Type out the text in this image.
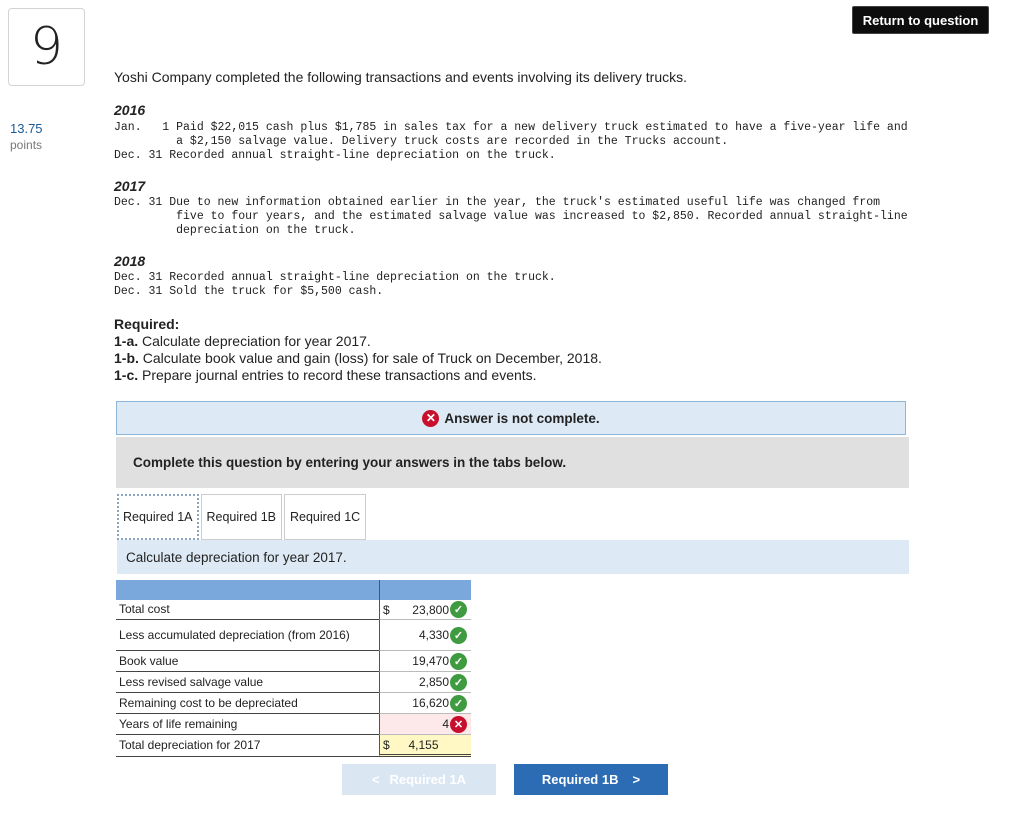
9
13.75
points
Return to question
Yoshi Company completed the following transactions and events involving its delivery trucks.
2016
Jan.   1 Paid $22,015 cash plus $1,785 in sales tax for a new delivery truck estimated to have a five-year life and
a $2,150 salvage value. Delivery truck costs are recorded in the Trucks account.
Dec. 31 Recorded annual straight-line depreciation on the truck.
2017
Dec. 31 Due to new information obtained earlier in the year, the truck's estimated useful life was changed from
five to four years, and the estimated salvage value was increased to $2,850. Recorded annual straight-line
depreciation on the truck.
2018
Dec. 31 Recorded annual straight-line depreciation on the truck.
Dec. 31 Sold the truck for $5,500 cash.
Required:
1-a. Calculate depreciation for year 2017.
1-b. Calculate book value and gain (loss) for sale of Truck on December, 2018.
1-c. Prepare journal entries to record these transactions and events.
✕ Answer is not complete.
Complete this question by entering your answers in the tabs below.
Required 1A	Required 1B	Required 1C
Calculate depreciation for year 2017.
Total cost	$ 23,800 ✓
Less accumulated depreciation (from 2016)	4,330 ✓
Book value	19,470 ✓
Less revised salvage value	2,850 ✓
Remaining cost to be depreciated	16,620 ✓
Years of life remaining	4 ✕
Total depreciation for 2017	$ 4,155
< Required 1A	Required 1B >
